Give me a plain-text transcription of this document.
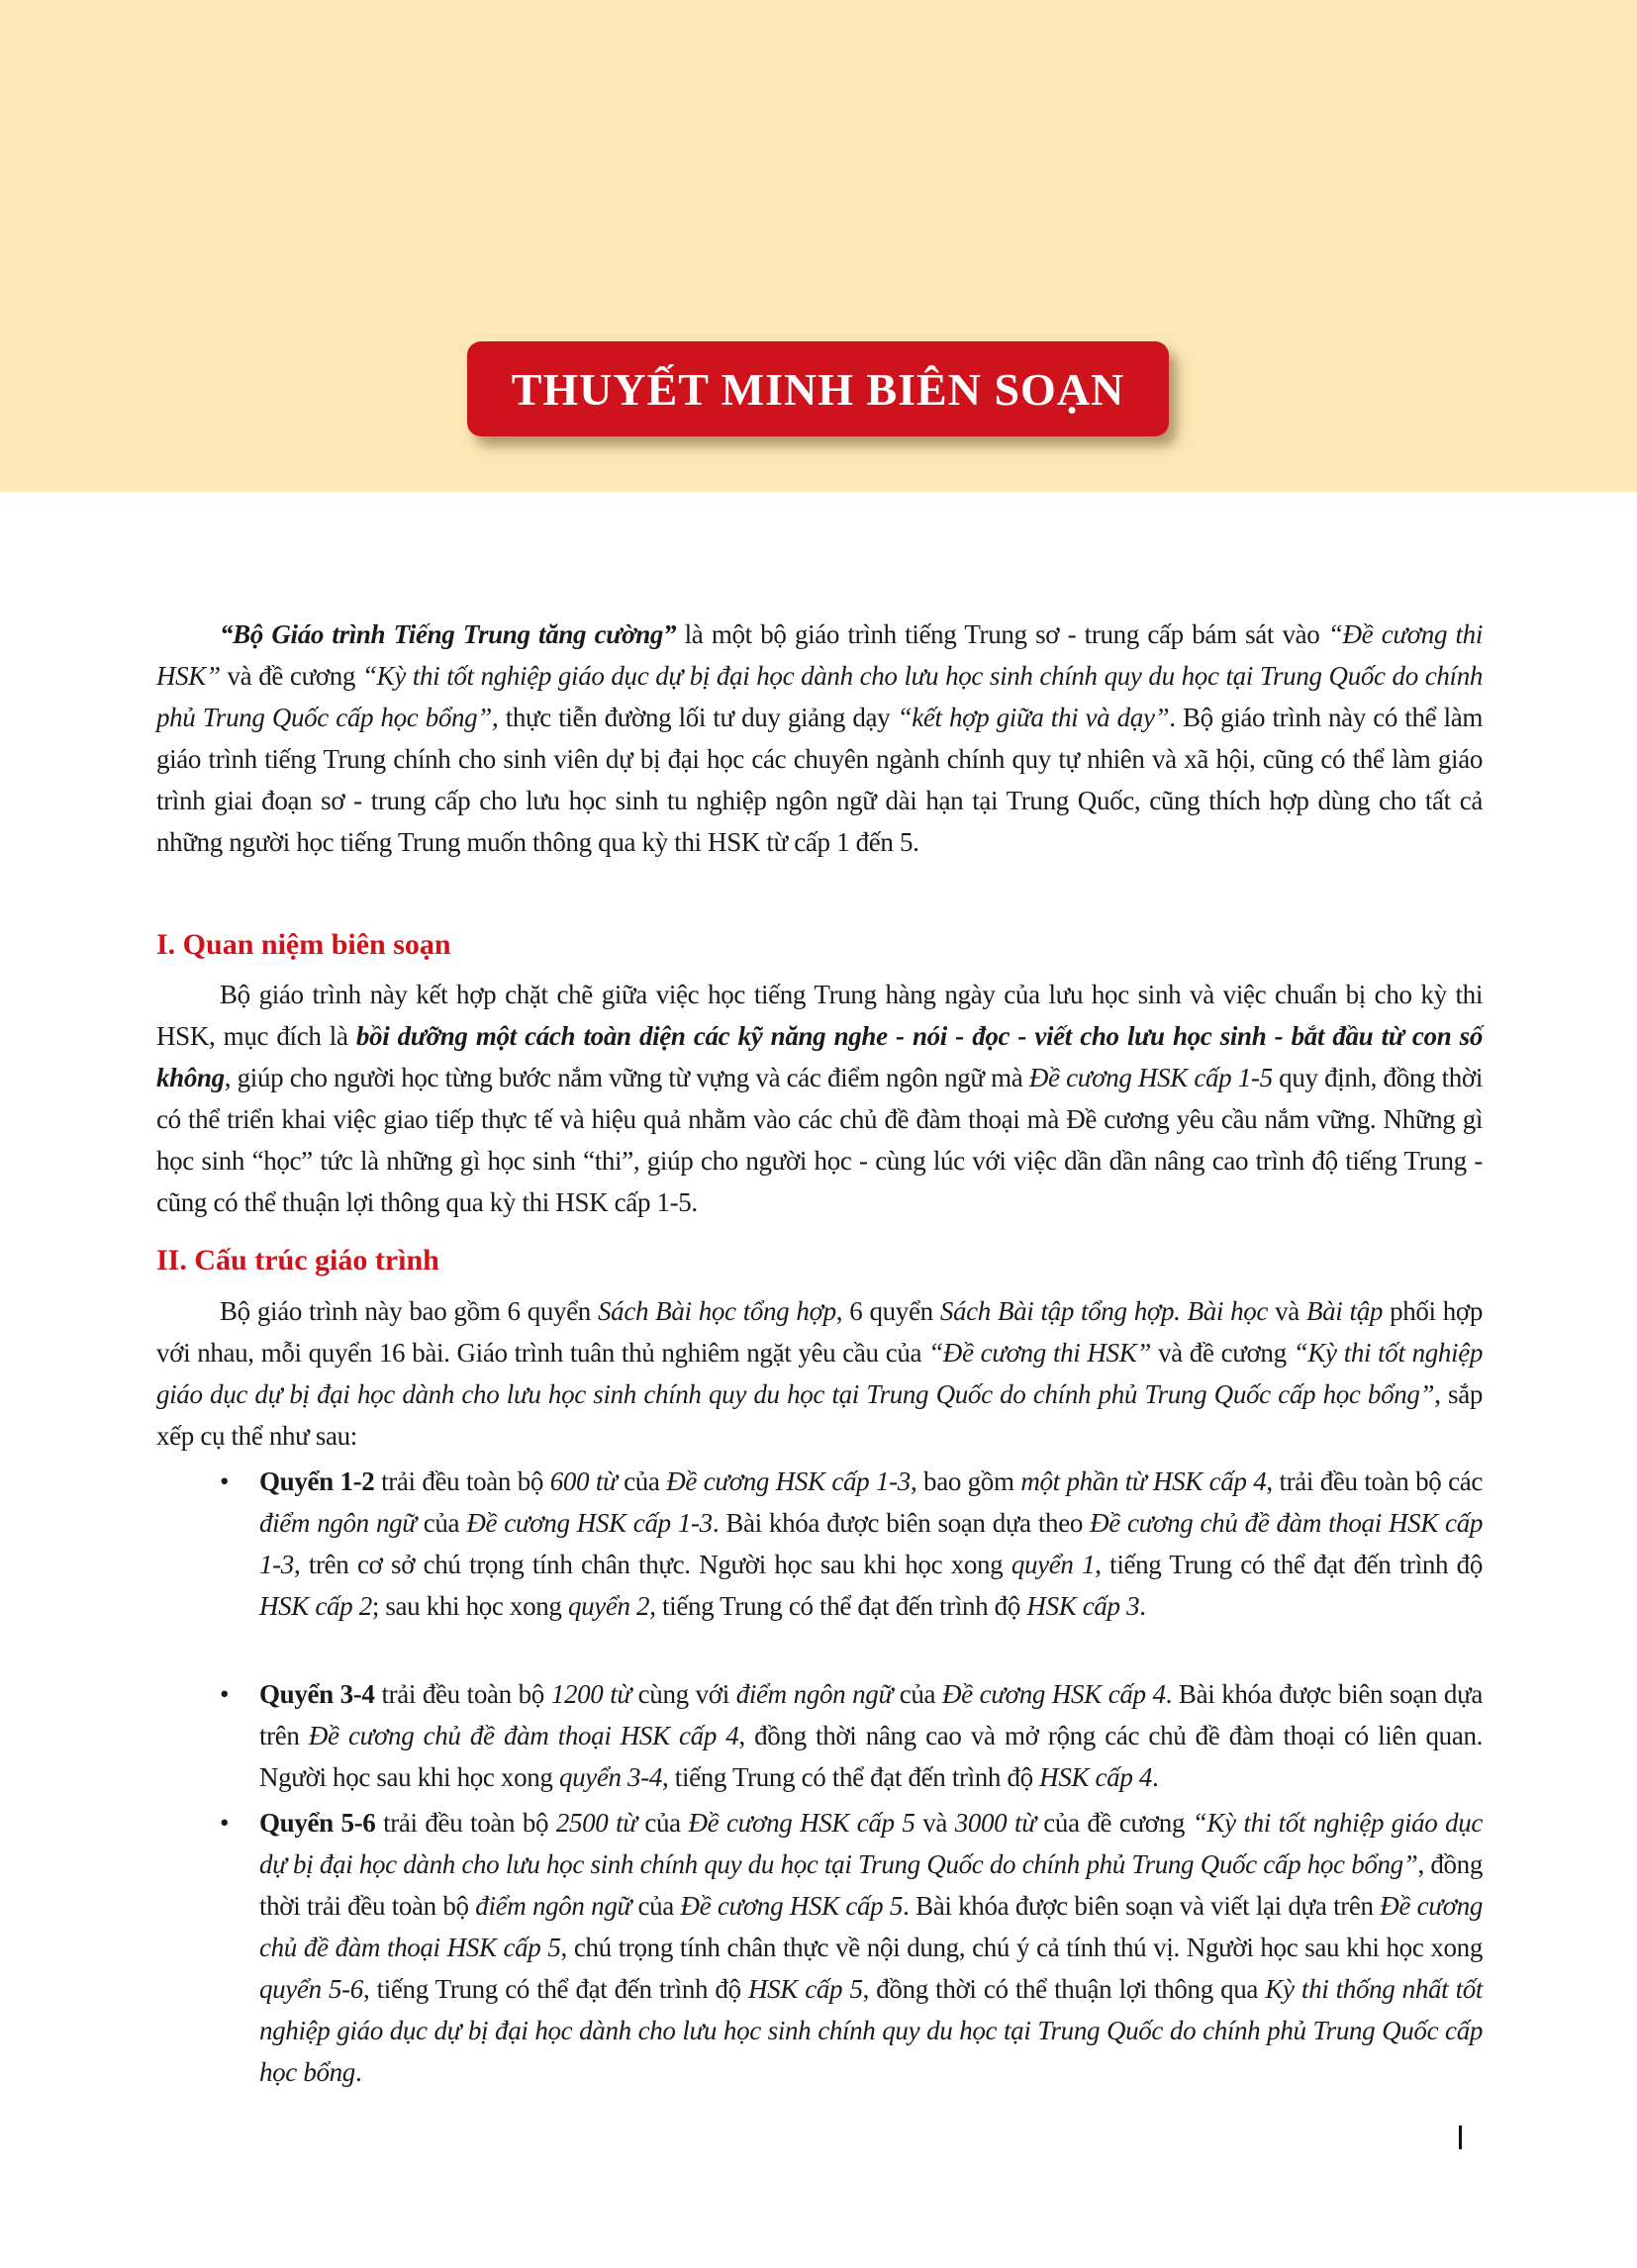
THUYẾT MINH BIÊN SOẠN

“Bộ Giáo trình Tiếng Trung tăng cường” là một bộ giáo trình tiếng Trung sơ - trung cấp bám sát vào “Đề cương thi HSK” và đề cương “Kỳ thi tốt nghiệp giáo dục dự bị đại học dành cho lưu học sinh chính quy du học tại Trung Quốc do chính phủ Trung Quốc cấp học bổng”, thực tiễn đường lối tư duy giảng dạy “kết hợp giữa thi và dạy”. Bộ giáo trình này có thể làm giáo trình tiếng Trung chính cho sinh viên dự bị đại học các chuyên ngành chính quy tự nhiên và xã hội, cũng có thể làm giáo trình giai đoạn sơ - trung cấp cho lưu học sinh tu nghiệp ngôn ngữ dài hạn tại Trung Quốc, cũng thích hợp dùng cho tất cả những người học tiếng Trung muốn thông qua kỳ thi HSK từ cấp 1 đến 5.

I. Quan niệm biên soạn

Bộ giáo trình này kết hợp chặt chẽ giữa việc học tiếng Trung hàng ngày của lưu học sinh và việc chuẩn bị cho kỳ thi HSK, mục đích là bồi dưỡng một cách toàn diện các kỹ năng nghe - nói - đọc - viết cho lưu học sinh - bắt đầu từ con số không, giúp cho người học từng bước nắm vững từ vựng và các điểm ngôn ngữ mà Đề cương HSK cấp 1-5 quy định, đồng thời có thể triển khai việc giao tiếp thực tế và hiệu quả nhằm vào các chủ đề đàm thoại mà Đề cương yêu cầu nắm vững. Những gì học sinh “học” tức là những gì học sinh “thi”, giúp cho người học - cùng lúc với việc dần dần nâng cao trình độ tiếng Trung - cũng có thể thuận lợi thông qua kỳ thi HSK cấp 1-5.

II. Cấu trúc giáo trình

Bộ giáo trình này bao gồm 6 quyển Sách Bài học tổng hợp, 6 quyển Sách Bài tập tổng hợp. Bài học và Bài tập phối hợp với nhau, mỗi quyển 16 bài. Giáo trình tuân thủ nghiêm ngặt yêu cầu của “Đề cương thi HSK” và đề cương “Kỳ thi tốt nghiệp giáo dục dự bị đại học dành cho lưu học sinh chính quy du học tại Trung Quốc do chính phủ Trung Quốc cấp học bổng”, sắp xếp cụ thể như sau:

• Quyển 1-2 trải đều toàn bộ 600 từ của Đề cương HSK cấp 1-3, bao gồm một phần từ HSK cấp 4, trải đều toàn bộ các điểm ngôn ngữ của Đề cương HSK cấp 1-3. Bài khóa được biên soạn dựa theo Đề cương chủ đề đàm thoại HSK cấp 1-3, trên cơ sở chú trọng tính chân thực. Người học sau khi học xong quyển 1, tiếng Trung có thể đạt đến trình độ HSK cấp 2; sau khi học xong quyển 2, tiếng Trung có thể đạt đến trình độ HSK cấp 3.
• Quyển 3-4 trải đều toàn bộ 1200 từ cùng với điểm ngôn ngữ của Đề cương HSK cấp 4. Bài khóa được biên soạn dựa trên Đề cương chủ đề đàm thoại HSK cấp 4, đồng thời nâng cao và mở rộng các chủ đề đàm thoại có liên quan. Người học sau khi học xong quyển 3-4, tiếng Trung có thể đạt đến trình độ HSK cấp 4.
• Quyển 5-6 trải đều toàn bộ 2500 từ của Đề cương HSK cấp 5 và 3000 từ của đề cương “Kỳ thi tốt nghiệp giáo dục dự bị đại học dành cho lưu học sinh chính quy du học tại Trung Quốc do chính phủ Trung Quốc cấp học bổng”, đồng thời trải đều toàn bộ điểm ngôn ngữ của Đề cương HSK cấp 5. Bài khóa được biên soạn và viết lại dựa trên Đề cương chủ đề đàm thoại HSK cấp 5, chú trọng tính chân thực về nội dung, chú ý cả tính thú vị. Người học sau khi học xong quyển 5-6, tiếng Trung có thể đạt đến trình độ HSK cấp 5, đồng thời có thể thuận lợi thông qua Kỳ thi thống nhất tốt nghiệp giáo dục dự bị đại học dành cho lưu học sinh chính quy du học tại Trung Quốc do chính phủ Trung Quốc cấp học bổng.
